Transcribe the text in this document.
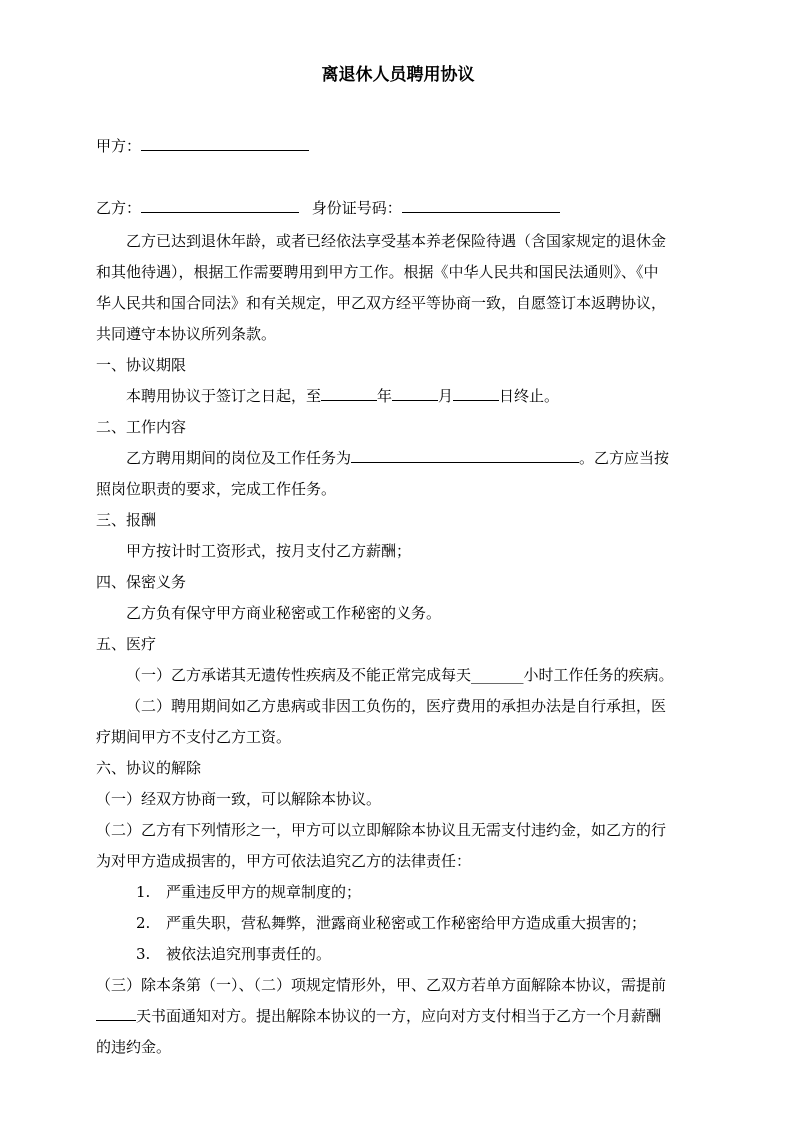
离退休人员聘用协议
甲方：
乙方：	身份证号码：
乙方已达到退休年龄，或者已经依法享受基本养老保险待遇（含国家规定的退休金
和其他待遇），根据工作需要聘用到甲方工作。根据《中华人民共和国民法通则》、《中
华人民共和国合同法》和有关规定，甲乙双方经平等协商一致，自愿签订本返聘协议，
共同遵守本协议所列条款。
一、协议期限
本聘用协议于签订之日起，至	年	月	日终止。
二、工作内容
乙方聘用期间的岗位及工作任务为	。乙方应当按
照岗位职责的要求，完成工作任务。
三、报酬
甲方按计时工资形式，按月支付乙方薪酬；
四、保密义务
乙方负有保守甲方商业秘密或工作秘密的义务。
五、医疗
（一）乙方承诺其无遗传性疾病及不能正常完成每天_______小时工作任务的疾病。
（二）聘用期间如乙方患病或非因工负伤的，医疗费用的承担办法是自行承担，医
疗期间甲方不支付乙方工资。
六、协议的解除
（一）经双方协商一致，可以解除本协议。
（二）乙方有下列情形之一，甲方可以立即解除本协议且无需支付违约金，如乙方的行
为对甲方造成损害的，甲方可依法追究乙方的法律责任：
1. 严重违反甲方的规章制度的；
2. 严重失职，营私舞弊，泄露商业秘密或工作秘密给甲方造成重大损害的；
3. 被依法追究刑事责任的。
（三）除本条第（一）、（二）项规定情形外，甲、乙双方若单方面解除本协议，需提前
天书面通知对方。提出解除本协议的一方，应向对方支付相当于乙方一个月薪酬
的违约金。
